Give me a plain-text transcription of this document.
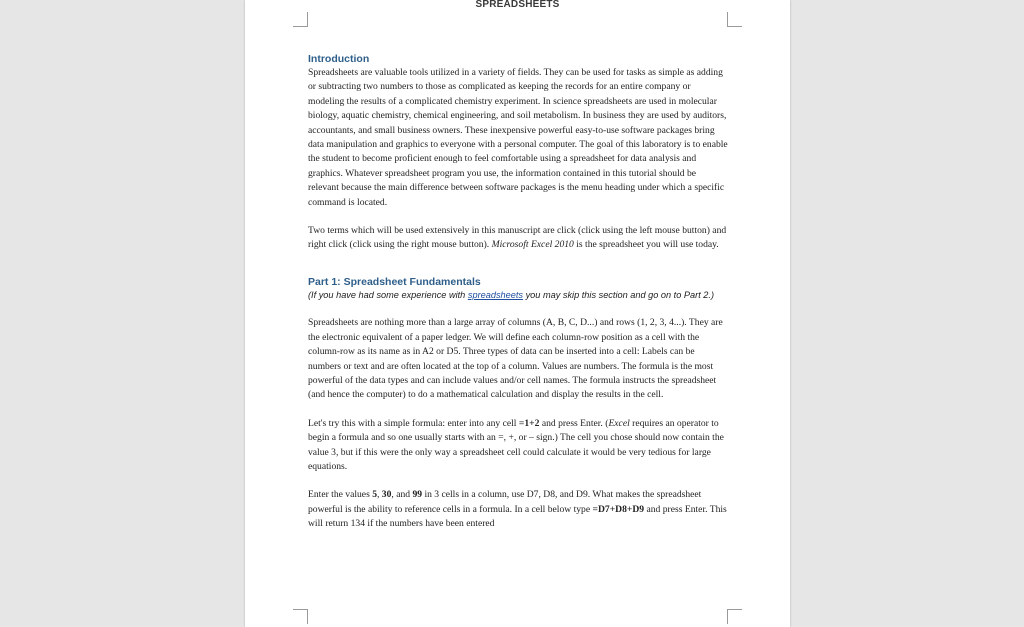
SPREADSHEETS
Introduction

Spreadsheets are valuable tools utilized in a variety of fields. They can be used for tasks as simple as adding or subtracting two numbers to those as complicated as keeping the records for an entire company or modeling the results of a complicated chemistry experiment. In science spreadsheets are used in molecular biology, aquatic chemistry, chemical engineering, and soil metabolism. In business they are used by auditors, accountants, and small business owners. These inexpensive powerful easy-to-use software packages bring data manipulation and graphics to everyone with a personal computer. The goal of this laboratory is to enable the student to become proficient enough to feel comfortable using a spreadsheet for data analysis and graphics. Whatever spreadsheet program you use, the information contained in this tutorial should be relevant because the main difference between software packages is the menu heading under which a specific command is located.

Two terms which will be used extensively in this manuscript are click (click using the left mouse button) and right click (click using the right mouse button). Microsoft Excel 2010 is the spreadsheet you will use today.

Part 1: Spreadsheet Fundamentals

(If you have had some experience with spreadsheets you may skip this section and go on to Part 2.)

Spreadsheets are nothing more than a large array of columns (A, B, C, D...) and rows (1, 2, 3, 4...). They are the electronic equivalent of a paper ledger. We will define each column-row position as a cell with the column-row as its name as in A2 or D5. Three types of data can be inserted into a cell: Labels can be numbers or text and are often located at the top of a column. Values are numbers. The formula is the most powerful of the data types and can include values and/or cell names. The formula instructs the spreadsheet (and hence the computer) to do a mathematical calculation and display the results in the cell.

Let's try this with a simple formula: enter into any cell =1+2 and press Enter. (Excel requires an operator to begin a formula and so one usually starts with an =, +, or – sign.) The cell you chose should now contain the value 3, but if this were the only way a spreadsheet cell could calculate it would be very tedious for large equations.

Enter the values 5, 30, and 99 in 3 cells in a column, use D7, D8, and D9. What makes the spreadsheet powerful is the ability to reference cells in a formula. In a cell below type =D7+D8+D9 and press Enter. This will return 134 if the numbers have been entered
